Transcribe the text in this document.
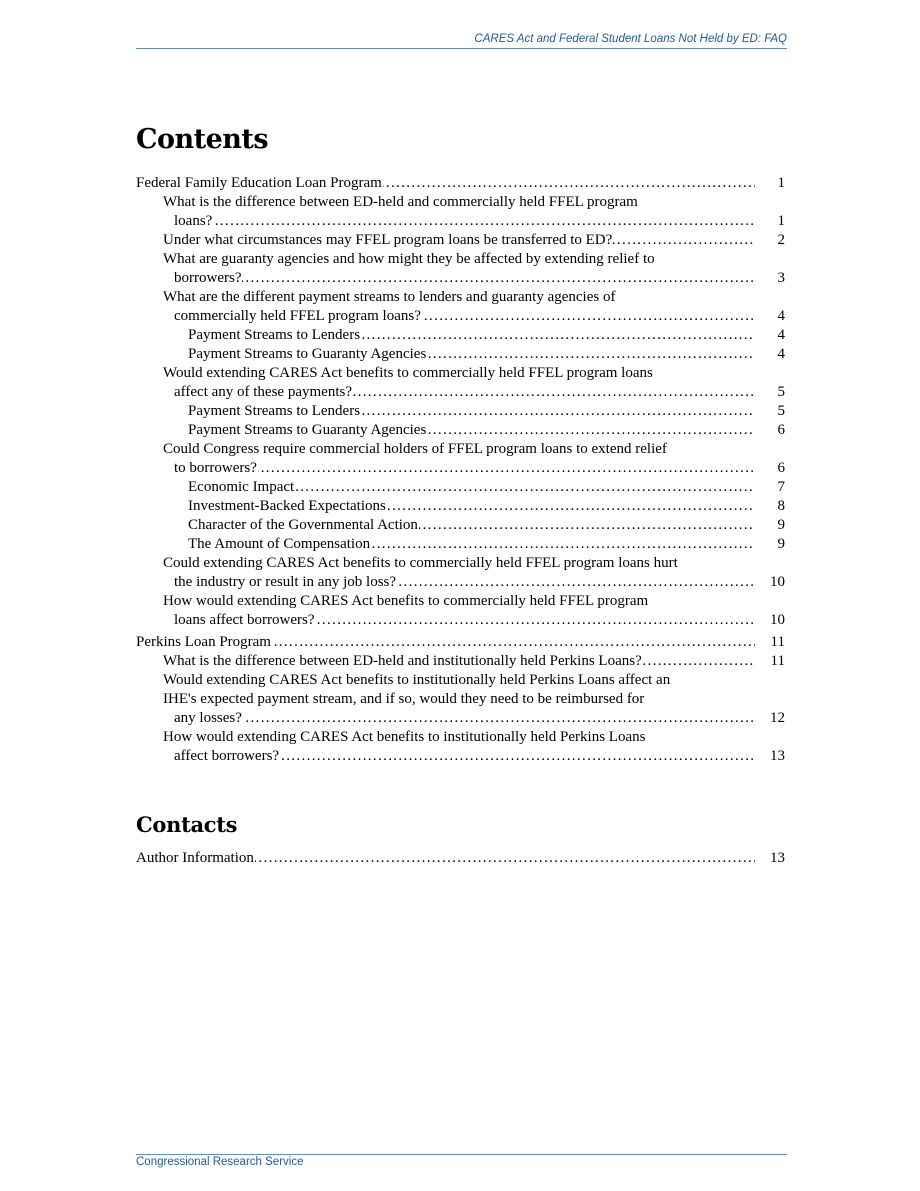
CARES Act and Federal Student Loans Not Held by ED: FAQ
Contents
Federal Family Education Loan Program	1
. . .
What is the difference between ED-held and commercially held FFEL program
loans?	1
. . .
Under what circumstances may FFEL program loans be transferred to ED?	2
. . .
What are guaranty agencies and how might they be affected by extending relief to
borrowers?	3
. . .
What are the different payment streams to lenders and guaranty agencies of
commercially held FFEL program loans?	4
. . .
Payment Streams to Lenders	4
. . .
Payment Streams to Guaranty Agencies	4
. . .
Would extending CARES Act benefits to commercially held FFEL program loans
affect any of these payments?	5
. . .
Payment Streams to Lenders	5
. . .
Payment Streams to Guaranty Agencies	6
. . .
Could Congress require commercial holders of FFEL program loans to extend relief
to borrowers?	6
. . .
Economic Impact	7
. . .
Investment-Backed Expectations	8
. . .
Character of the Governmental Action	9
. . .
The Amount of Compensation	9
. . .
Could extending CARES Act benefits to commercially held FFEL program loans hurt
the industry or result in any job loss?	10
. . .
How would extending CARES Act benefits to commercially held FFEL program
loans affect borrowers?	10
. . .
Perkins Loan Program	11
. . .
What is the difference between ED-held and institutionally held Perkins Loans?	11
. . .
Would extending CARES Act benefits to institutionally held Perkins Loans affect an
IHE's expected payment stream, and if so, would they need to be reimbursed for
any losses?	12
. . .
How would extending CARES Act benefits to institutionally held Perkins Loans
affect borrowers?	13
. . .
Contacts
Author Information	13
. . .
Congressional Research Service
